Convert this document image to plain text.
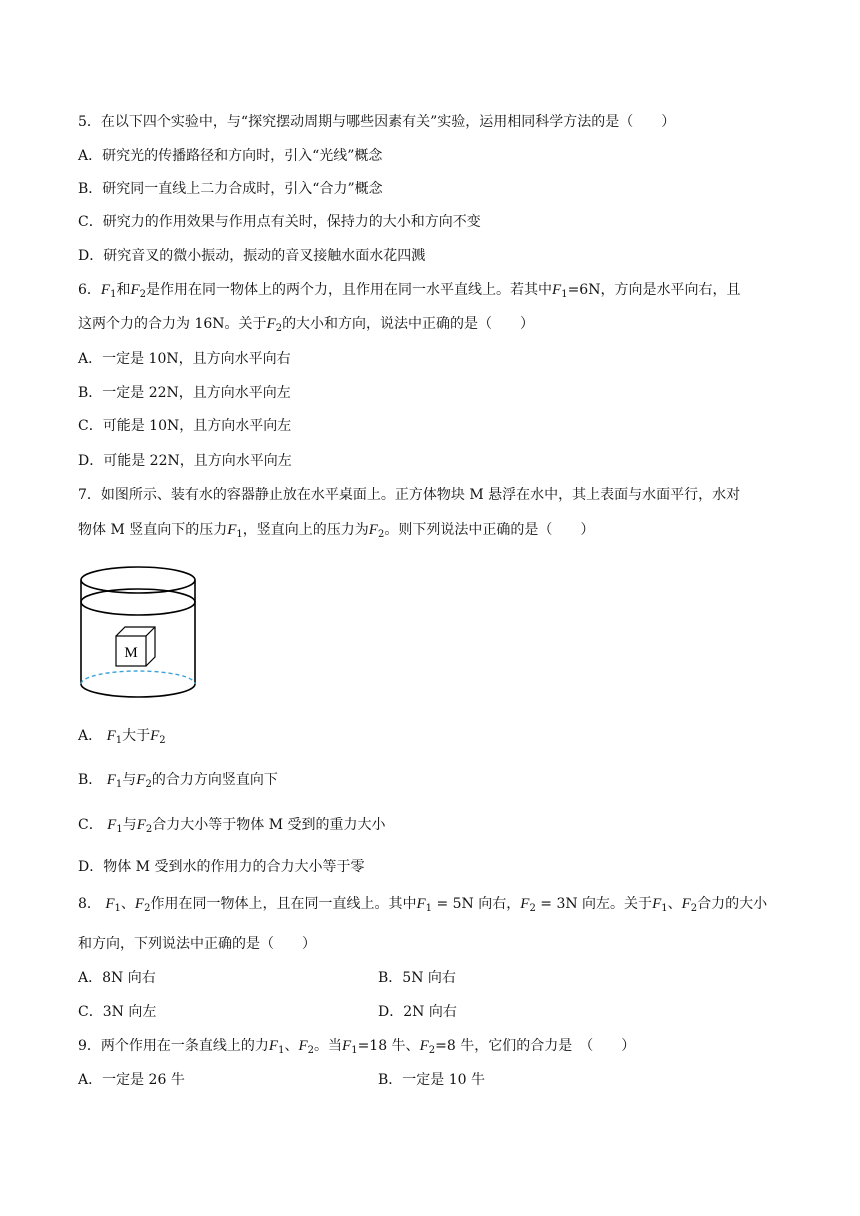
5．在以下四个实验中，与“探究摆动周期与哪些因素有关”实验，运用相同科学方法的是（　　）
A．研究光的传播路径和方向时，引入“光线”概念
B．研究同一直线上二力合成时，引入“合力”概念
C．研究力的作用效果与作用点有关时，保持力的大小和方向不变
D．研究音叉的微小振动，振动的音叉接触水面水花四溅
6．$F_1$和$F_2$是作用在同一物体上的两个力，且作用在同一水平直线上。若其中$F_1=6N$，方向是水平向右，且
这两个力的合力为 16N。关于$F_2$的大小和方向，说法中正确的是（　　）
A．一定是 10N，且方向水平向右
B．一定是 22N，且方向水平向左
C．可能是 10N，且方向水平向左
D．可能是 22N，且方向水平向左
7．如图所示、装有水的容器静止放在水平桌面上。正方体物块 M 悬浮在水中，其上表面与水面平行，水对
物体 M 竖直向下的压力$F_1$，竖直向上的压力为$F_2$。则下列说法中正确的是（　　）
M
A． $F_1$大于$F_2$
B． $F_1$与$F_2$的合力方向竖直向下
C． $F_1$与$F_2$合力大小等于物体 M 受到的重力大小
D．物体 M 受到水的作用力的合力大小等于零
8． $F_1$、$F_2$作用在同一物体上，且在同一直线上。其中$F_1 = 5N$ 向右，$F_2 = 3N$ 向左。关于$F_1$、$F_2$合力的大小
和方向，下列说法中正确的是（　　）
A．8N 向右	B．5N 向右
C．3N 向左	D．2N 向右
9．两个作用在一条直线上的力$F_1$、$F_2$。当$F_1=18$ 牛、$F_2=8$ 牛，它们的合力是　（　　）
A．一定是 26 牛	B．一定是 10 牛
